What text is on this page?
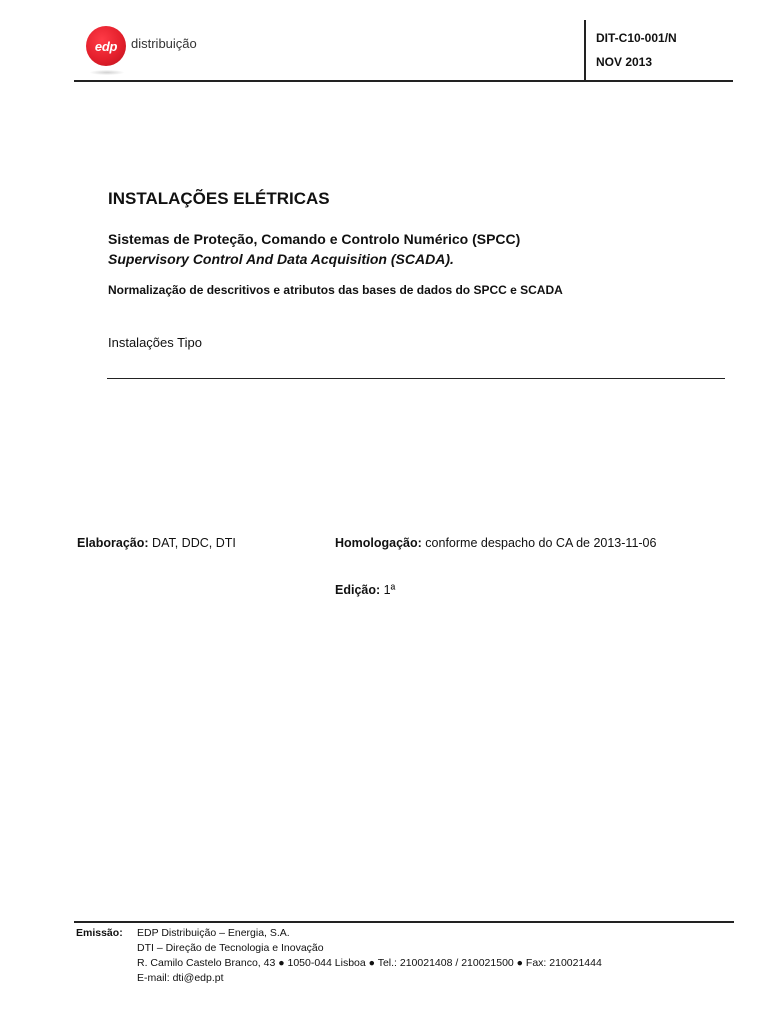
edp distribuição	DIT-C10-001/N
NOV 2013
INSTALAÇÕES ELÉTRICAS
Sistemas de Proteção, Comando e Controlo Numérico (SPCC)
Supervisory Control And Data Acquisition (SCADA).
Normalização de descritivos e atributos das bases de dados do SPCC e SCADA
Instalações Tipo
Elaboração: DAT, DDC, DTI	Homologação: conforme despacho do CA de 2013-11-06
Edição: 1ª
Emissão: EDP Distribuição – Energia, S.A.
DTI – Direção de Tecnologia e Inovação
R. Camilo Castelo Branco, 43 ● 1050-044 Lisboa ● Tel.: 210021408 / 210021500 ● Fax: 210021444
E-mail: dti@edp.pt
